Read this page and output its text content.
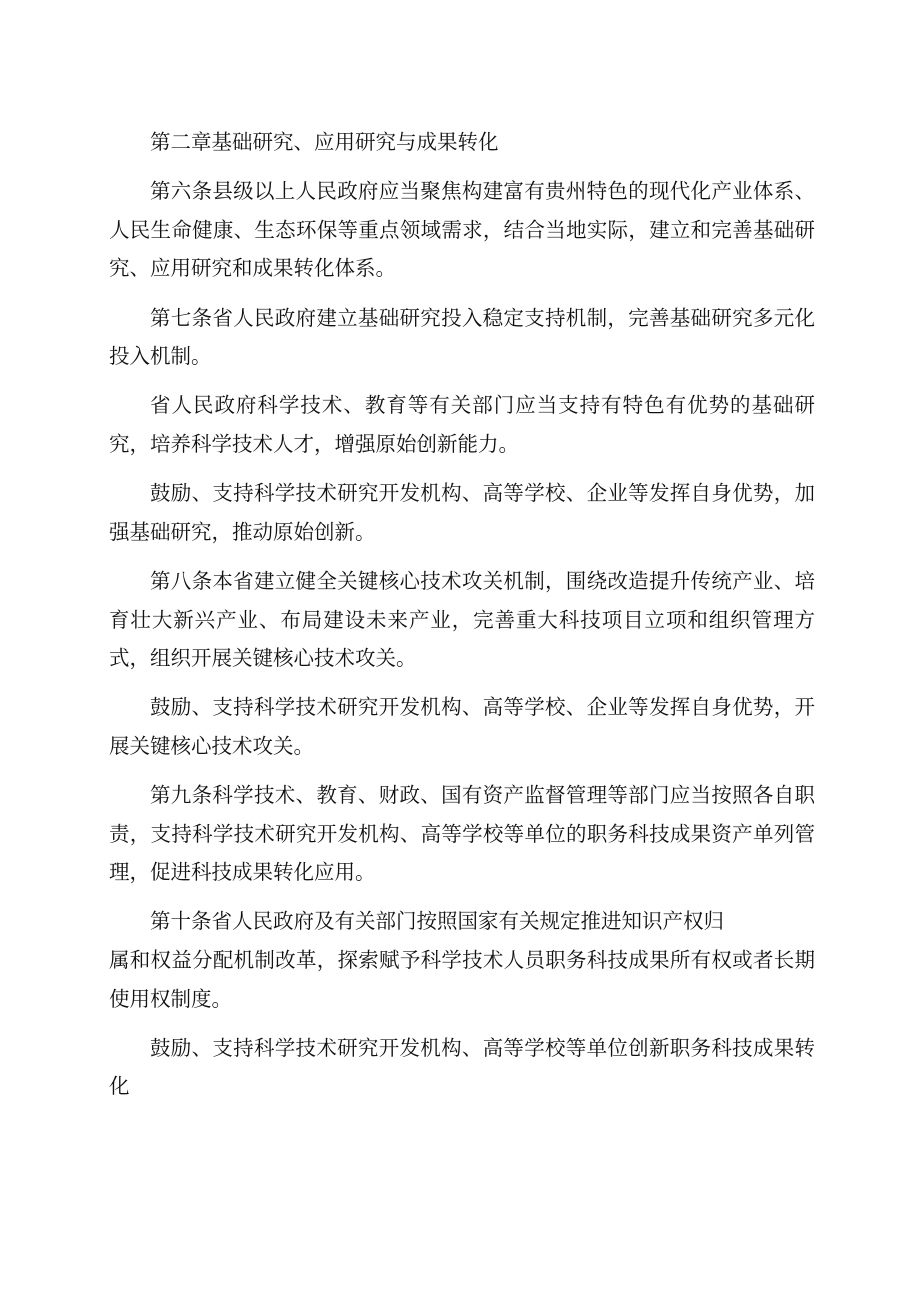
第二章基础研究、应用研究与成果转化

第六条县级以上人民政府应当聚焦构建富有贵州特色的现代化产业体系、人民生命健康、生态环保等重点领域需求，结合当地实际，建立和完善基础研究、应用研究和成果转化体系。

第七条省人民政府建立基础研究投入稳定支持机制，完善基础研究多元化投入机制。

省人民政府科学技术、教育等有关部门应当支持有特色有优势的基础研究，培养科学技术人才，增强原始创新能力。

鼓励、支持科学技术研究开发机构、高等学校、企业等发挥自身优势，加强基础研究，推动原始创新。

第八条本省建立健全关键核心技术攻关机制，围绕改造提升传统产业、培育壮大新兴产业、布局建设未来产业，完善重大科技项目立项和组织管理方式，组织开展关键核心技术攻关。

鼓励、支持科学技术研究开发机构、高等学校、企业等发挥自身优势，开展关键核心技术攻关。

第九条科学技术、教育、财政、国有资产监督管理等部门应当按照各自职责，支持科学技术研究开发机构、高等学校等单位的职务科技成果资产单列管理，促进科技成果转化应用。

第十条省人民政府及有关部门按照国家有关规定推进知识产权归

属和权益分配机制改革，探索赋予科学技术人员职务科技成果所有权或者长期使用权制度。

鼓励、支持科学技术研究开发机构、高等学校等单位创新职务科技成果转化
